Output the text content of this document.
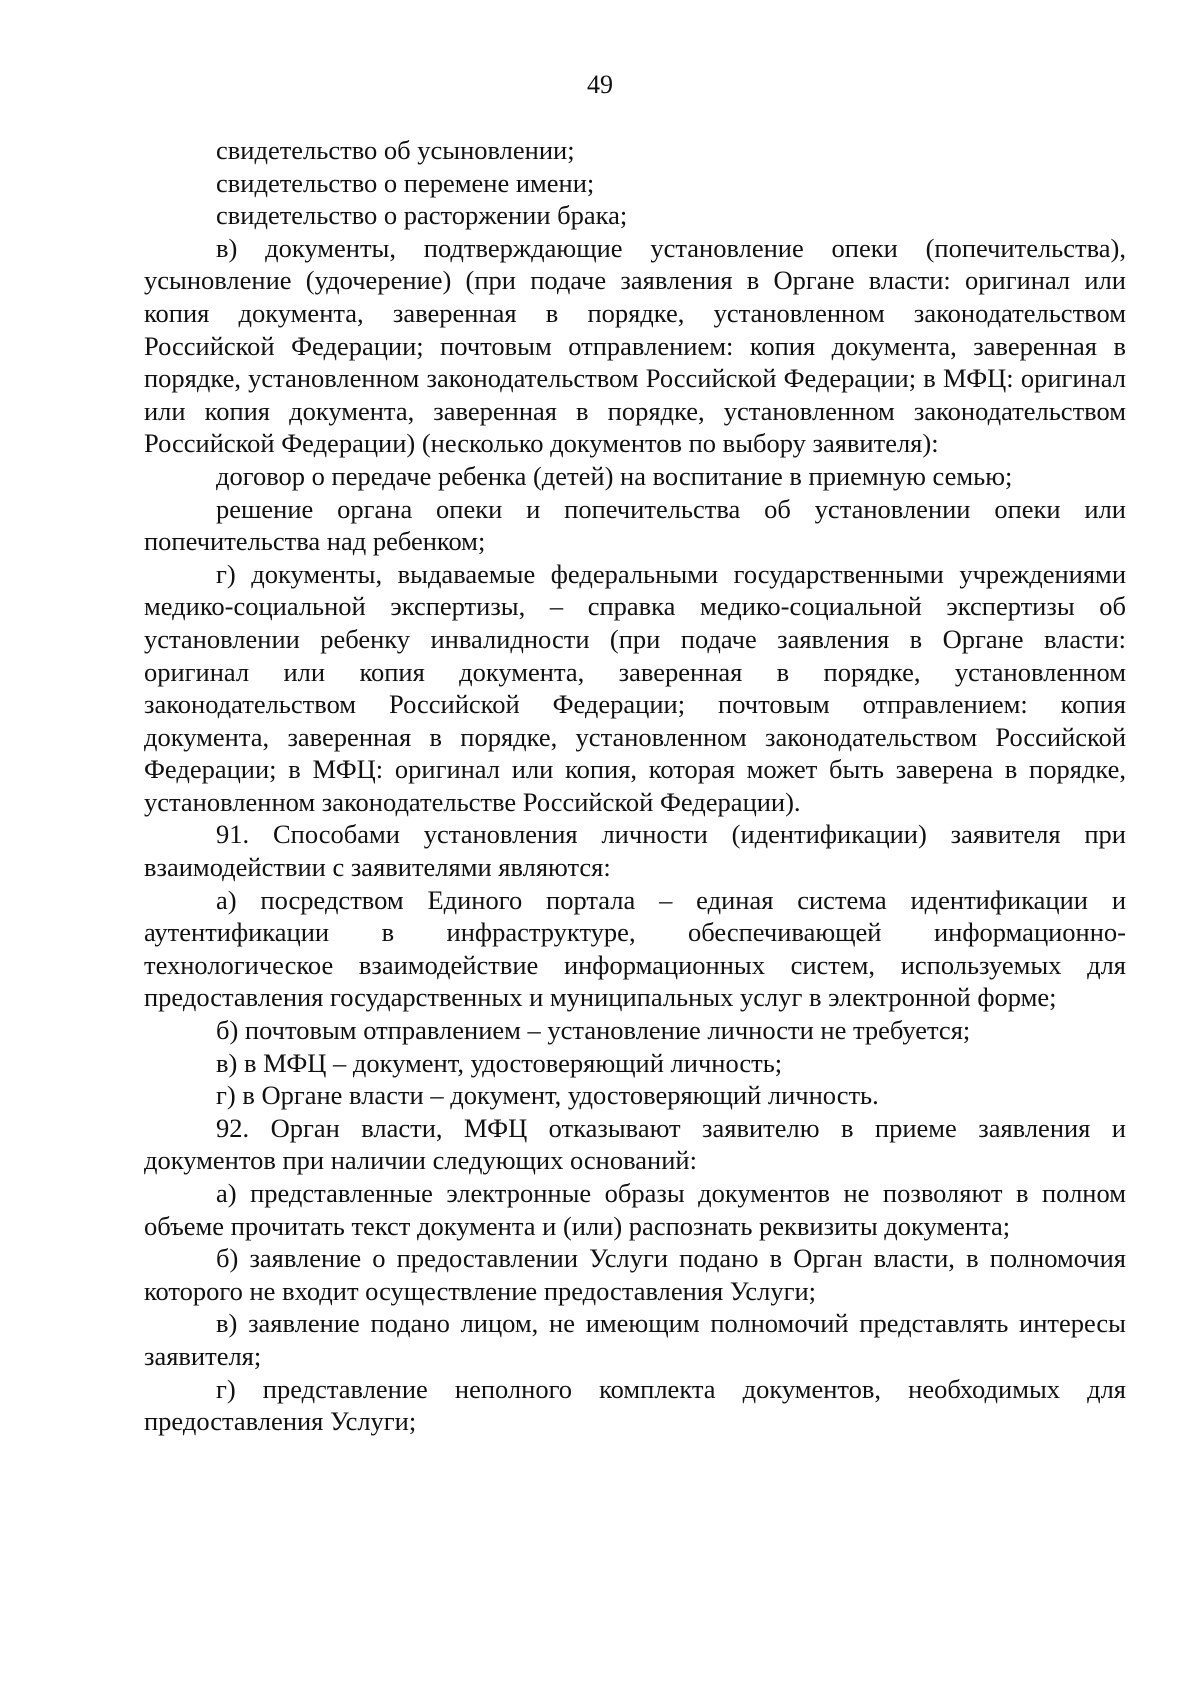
49

свидетельство об усыновлении;

свидетельство о перемене имени;

свидетельство о расторжении брака;

в) документы, подтверждающие установление опеки (попечительства), усыновление (удочерение) (при подаче заявления в Органе власти: оригинал или копия документа, заверенная в порядке, установленном законодательством Российской Федерации; почтовым отправлением: копия документа, заверенная в порядке, установленном законодательством Российской Федерации; в МФЦ: оригинал или копия документа, заверенная в порядке, установленном законодательством Российской Федерации) (несколько документов по выбору заявителя):

договор о передаче ребенка (детей) на воспитание в приемную семью;

решение органа опеки и попечительства об установлении опеки или попечительства над ребенком;

г) документы, выдаваемые федеральными государственными учреждениями медико-социальной экспертизы, – справка медико-социальной экспертизы об установлении ребенку инвалидности (при подаче заявления в Органе власти: оригинал или копия документа, заверенная в порядке, установленном законодательством Российской Федерации; почтовым отправлением: копия документа, заверенная в порядке, установленном законодательством Российской Федерации; в МФЦ: оригинал или копия, которая может быть заверена в порядке, установленном законодательстве Российской Федерации).

91. Способами установления личности (идентификации) заявителя при взаимодействии с заявителями являются:

а) посредством Единого портала – единая система идентификации и аутентификации в инфраструктуре, обеспечивающей информационно-технологическое взаимодействие информационных систем, используемых для предоставления государственных и муниципальных услуг в электронной форме;

б) почтовым отправлением – установление личности не требуется;

в) в МФЦ – документ, удостоверяющий личность;

г) в Органе власти – документ, удостоверяющий личность.

92. Орган власти, МФЦ отказывают заявителю в приеме заявления и документов при наличии следующих оснований:

а) представленные электронные образы документов не позволяют в полном объеме прочитать текст документа и (или) распознать реквизиты документа;

б) заявление о предоставлении Услуги подано в Орган власти, в полномочия которого не входит осуществление предоставления Услуги;

в) заявление подано лицом, не имеющим полномочий представлять интересы заявителя;

г) представление неполного комплекта документов, необходимых для предоставления Услуги;
